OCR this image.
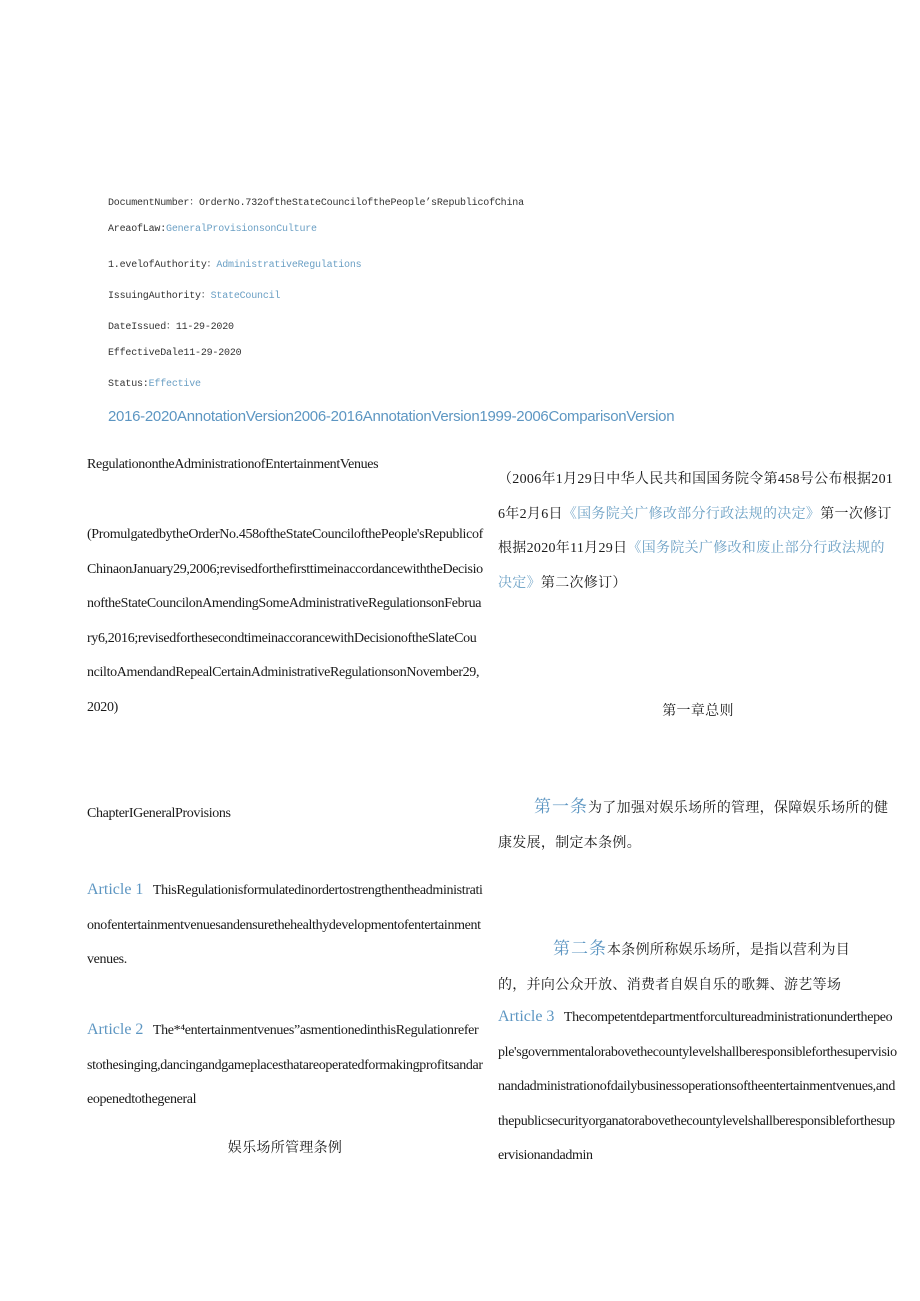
DocumentNumber：OrderNo.732oftheStateCouncilofthePeople’sRepublicofChina

AreaofLaw:GeneralProvisionsonCulture

1.evelofAuthority：AdministrativeRegulations

IssuingAuthority：StateCouncil

DateIssued：11-29-2020

EffectiveDale11-29-2020

Status:Effective

2016-2020AnnotationVersion2006-2016AnnotationVersion1999-2006ComparisonVersion

RegulationontheAdministrationofEntertainmentVenues

(PromulgatedbytheOrderNo.458oftheStateCouncilofthePeople'sRepublicofChinaonJanuary29,2006;revisedforthefirsttimeinaccordancewiththeDecisionoftheStateCouncilonAmendingSomeAdministrativeRegulationsonFebruary6,2016;revisedforthesecondtimeinaccorancewithDecisionoftheSlateCounciltoAmendandRepealCertainAdministrativeRegulationsonNovember29,2020)

ChapterIGeneralProvisions

Article 1 ThisRegulationisformulatedinordertostrengthentheadministrationofentertainmentvenuesandensurethehealthydevelopmentofentertainmentvenues.

Article 2 The*⁴entertainmentvenues”asmentionedinthisRegulationreferstothesinging,dancingandgameplacesthatareoperatedformakingprofitsandareopenedtothegeneral

娱乐场所管理条例

（2006年1月29日中华人民共和国国务院令第458号公布根据2016年2月6日《国务院关广修改部分行政法规的决定》第一次修订根据2020年11月29日《国务院关广修改和废止部分行政法规的决定》第二次修订）

第一章总则

第一条为了加强对娱乐场所的管理，保障娱乐场所的健康发展，制定本条例。

第二条本条例所称娱乐场所，是指以营利为目

的，并向公众开放、消费者自娱自乐的歌舞、游艺等场

Article 3 Thecompetentdepartmentforcultureadministrationunderthepeople'sgovernmentalorabovethecountylevelshallberesponsibleforthesupervisionandadministrationofdailybusinessoperationsoftheentertainmentvenues,andthepublicsecurityorganatorabovethecountylevelshallberesponsibleforthesupervisionandadmin
